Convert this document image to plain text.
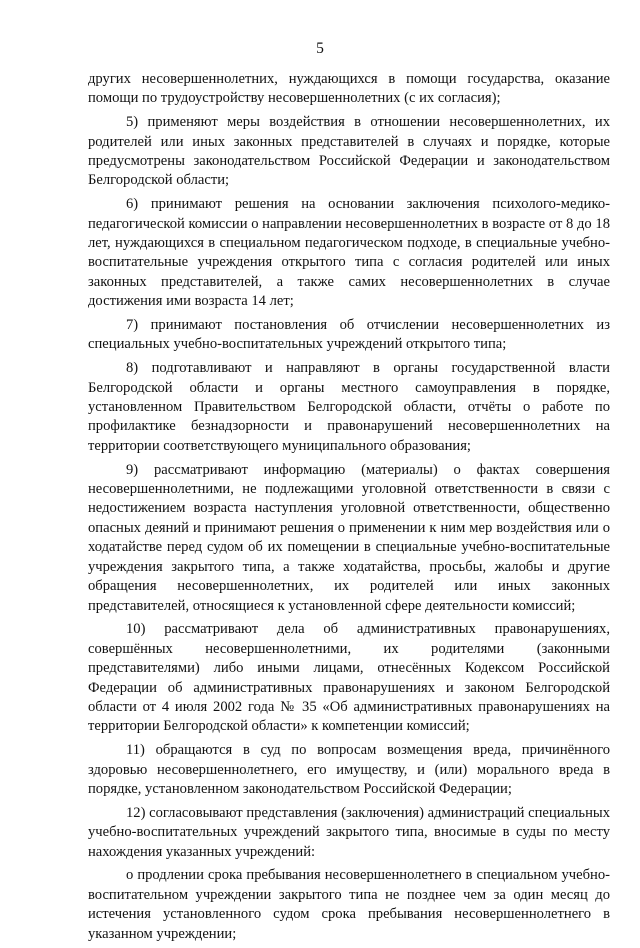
5

других несовершеннолетних, нуждающихся в помощи государства, оказание помощи по трудоустройству несовершеннолетних (с их согласия);

5) применяют меры воздействия в отношении несовершеннолетних, их родителей или иных законных представителей в случаях и порядке, которые предусмотрены законодательством Российской Федерации и законодательством Белгородской области;

6) принимают решения на основании заключения психолого-медико-педагогической комиссии о направлении несовершеннолетних в возрасте от 8 до 18 лет, нуждающихся в специальном педагогическом подходе, в специальные учебно-воспитательные учреждения открытого типа с согласия родителей или иных законных представителей, а также самих несовершеннолетних в случае достижения ими возраста 14 лет;

7) принимают постановления об отчислении несовершеннолетних из специальных учебно-воспитательных учреждений открытого типа;

8) подготавливают и направляют в органы государственной власти Белгородской области и органы местного самоуправления в порядке, установленном Правительством Белгородской области, отчёты о работе по профилактике безнадзорности и правонарушений несовершеннолетних на территории соответствующего муниципального образования;

9) рассматривают информацию (материалы) о фактах совершения несовершеннолетними, не подлежащими уголовной ответственности в связи с недостижением возраста наступления уголовной ответственности, общественно опасных деяний и принимают решения о применении к ним мер воздействия или о ходатайстве перед судом об их помещении в специальные учебно-воспитательные учреждения закрытого типа, а также ходатайства, просьбы, жалобы и другие обращения несовершеннолетних, их родителей или иных законных представителей, относящиеся к установленной сфере деятельности комиссий;

10) рассматривают дела об административных правонарушениях, совершённых несовершеннолетними, их родителями (законными представителями) либо иными лицами, отнесённых Кодексом Российской Федерации об административных правонарушениях и законом Белгородской области от 4 июля 2002 года № 35 «Об административных правонарушениях на территории Белгородской области» к компетенции комиссий;

11) обращаются в суд по вопросам возмещения вреда, причинённого здоровью несовершеннолетнего, его имуществу, и (или) морального вреда в порядке, установленном законодательством Российской Федерации;

12) согласовывают представления (заключения) администраций специальных учебно-воспитательных учреждений закрытого типа, вносимые в суды по месту нахождения указанных учреждений:

о продлении срока пребывания несовершеннолетнего в специальном учебно-воспитательном учреждении закрытого типа не позднее чем за один месяц до истечения установленного судом срока пребывания несовершеннолетнего в указанном учреждении;
